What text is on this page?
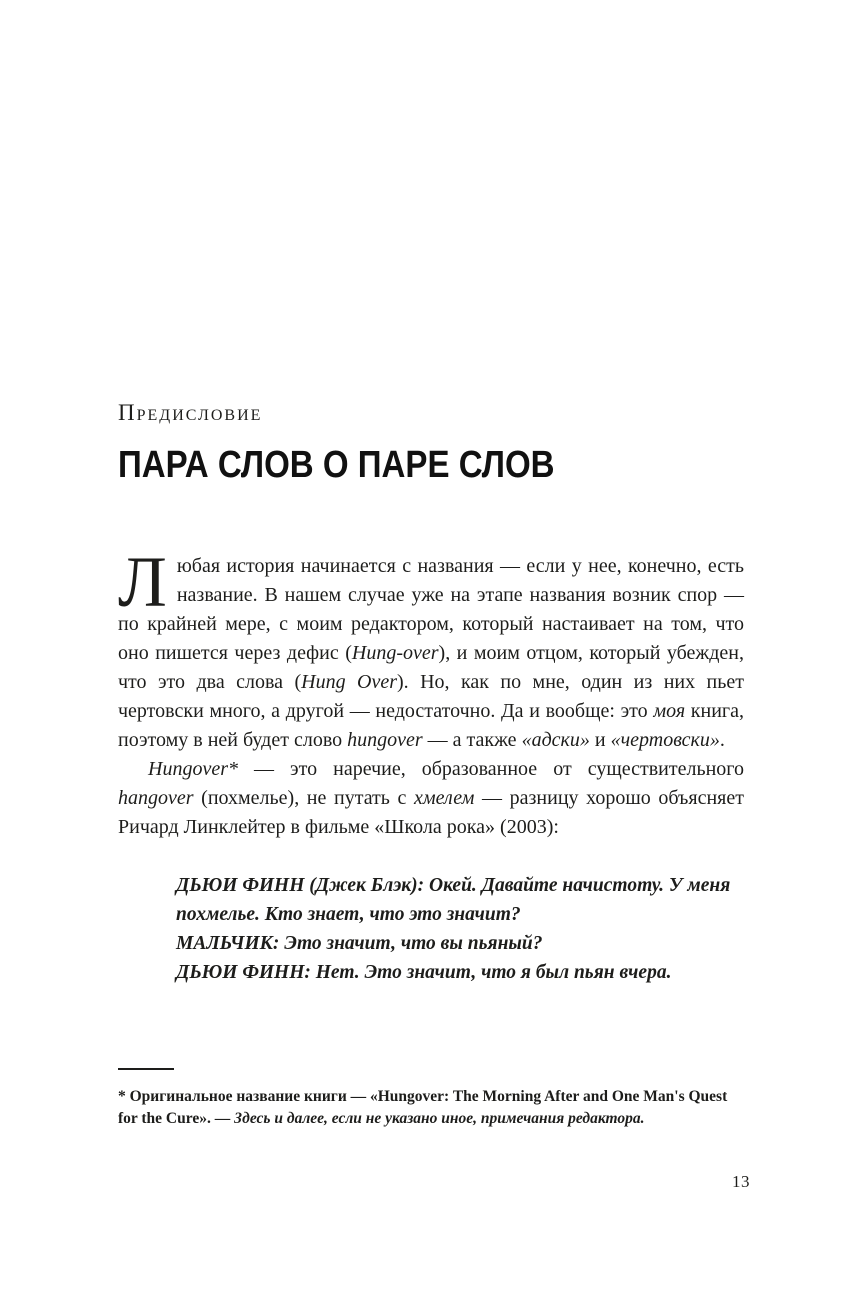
Предисловие
ПАРА СЛОВ О ПАРЕ СЛОВ

Любая история начинается с названия — если у нее, конечно, есть название. В нашем случае уже на этапе названия возник спор — по крайней мере, с моим редактором, который настаивает на том, что оно пишется через дефис (Hung-over), и моим отцом, который убежден, что это два слова (Hung Over). Но, как по мне, один из них пьет чертовски много, а другой — недостаточно. Да и вообще: это моя книга, поэтому в ней будет слово hungover — а также «адски» и «чертовски».

Hungover* — это наречие, образованное от существительного hangover (похмелье), не путать с хмелем — разницу хорошо объясняет Ричард Линклейтер в фильме «Школа рока» (2003):

ДЬЮИ ФИНН (Джек Блэк): Окей. Давайте начистоту. У меня похмелье. Кто знает, что это значит?

МАЛЬЧИК: Это значит, что вы пьяный?

ДЬЮИ ФИНН: Нет. Это значит, что я был пьян вчера.

* Оригинальное название книги — «Hungover: The Morning After and One Man's Quest for the Cure». — Здесь и далее, если не указано иное, примечания редактора.
13
